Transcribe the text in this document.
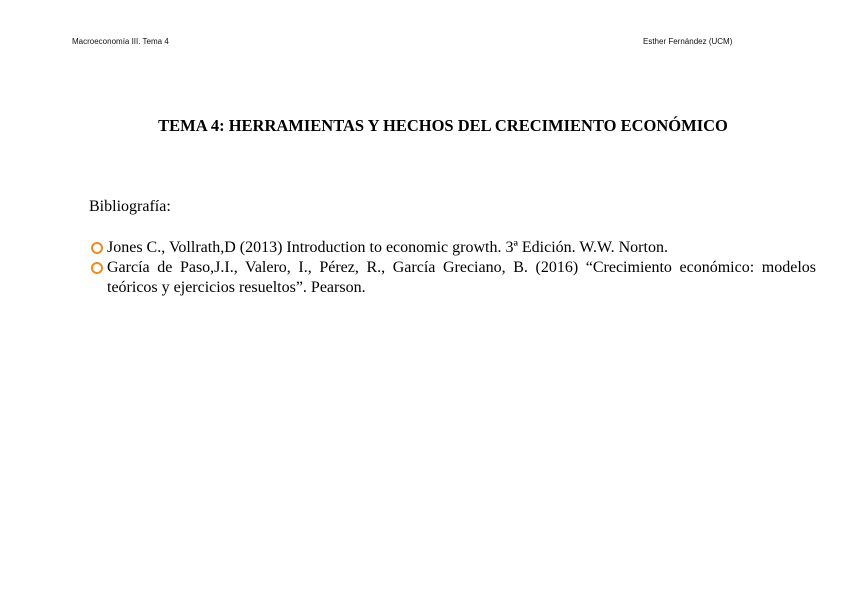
Macroeconomía III. Tema 4	Esther Fernández (UCM)
TEMA 4: HERRAMIENTAS Y HECHOS DEL CRECIMIENTO ECONÓMICO
Bibliografía:
Jones C., Vollrath,D (2013) Introduction to economic growth. 3ª Edición. W.W. Norton.
García de Paso,J.I., Valero, I., Pérez, R., García Greciano, B. (2016) “Crecimiento económico: modelos teóricos y ejercicios resueltos”. Pearson.
